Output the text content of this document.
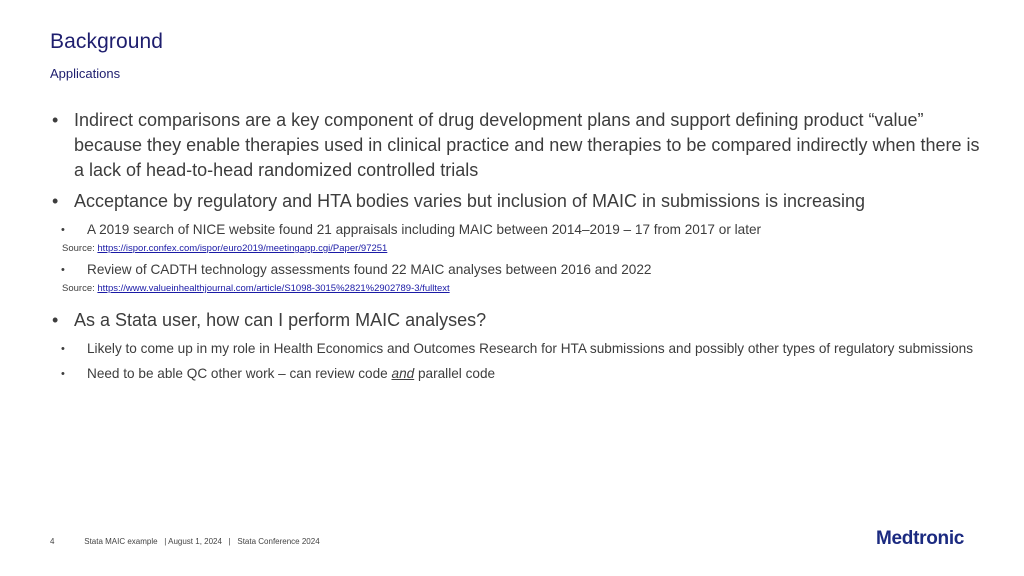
Background
Applications
• Indirect comparisons are a key component of drug development plans and support defining product “value” because they enable therapies used in clinical practice and new therapies to be compared indirectly when there is a lack of head-to-head randomized controlled trials
• Acceptance by regulatory and HTA bodies varies but inclusion of MAIC in submissions is increasing
• A 2019 search of NICE website found 21 appraisals including MAIC between 2014–2019 – 17 from 2017 or later
Source: https://ispor.confex.com/ispor/euro2019/meetingapp.cgi/Paper/97251
• Review of CADTH technology assessments found 22 MAIC analyses between 2016 and 2022
Source: https://www.valueinhealthjournal.com/article/S1098-3015%2821%2902789-3/fulltext
• As a Stata user, how can I perform MAIC analyses?
• Likely to come up in my role in Health Economics and Outcomes Research for HTA submissions and possibly other types of regulatory submissions
• Need to be able QC other work – can review code and parallel code
4	Stata MAIC example   | August 1, 2024   |   Stata Conference 2024	Medtronic
